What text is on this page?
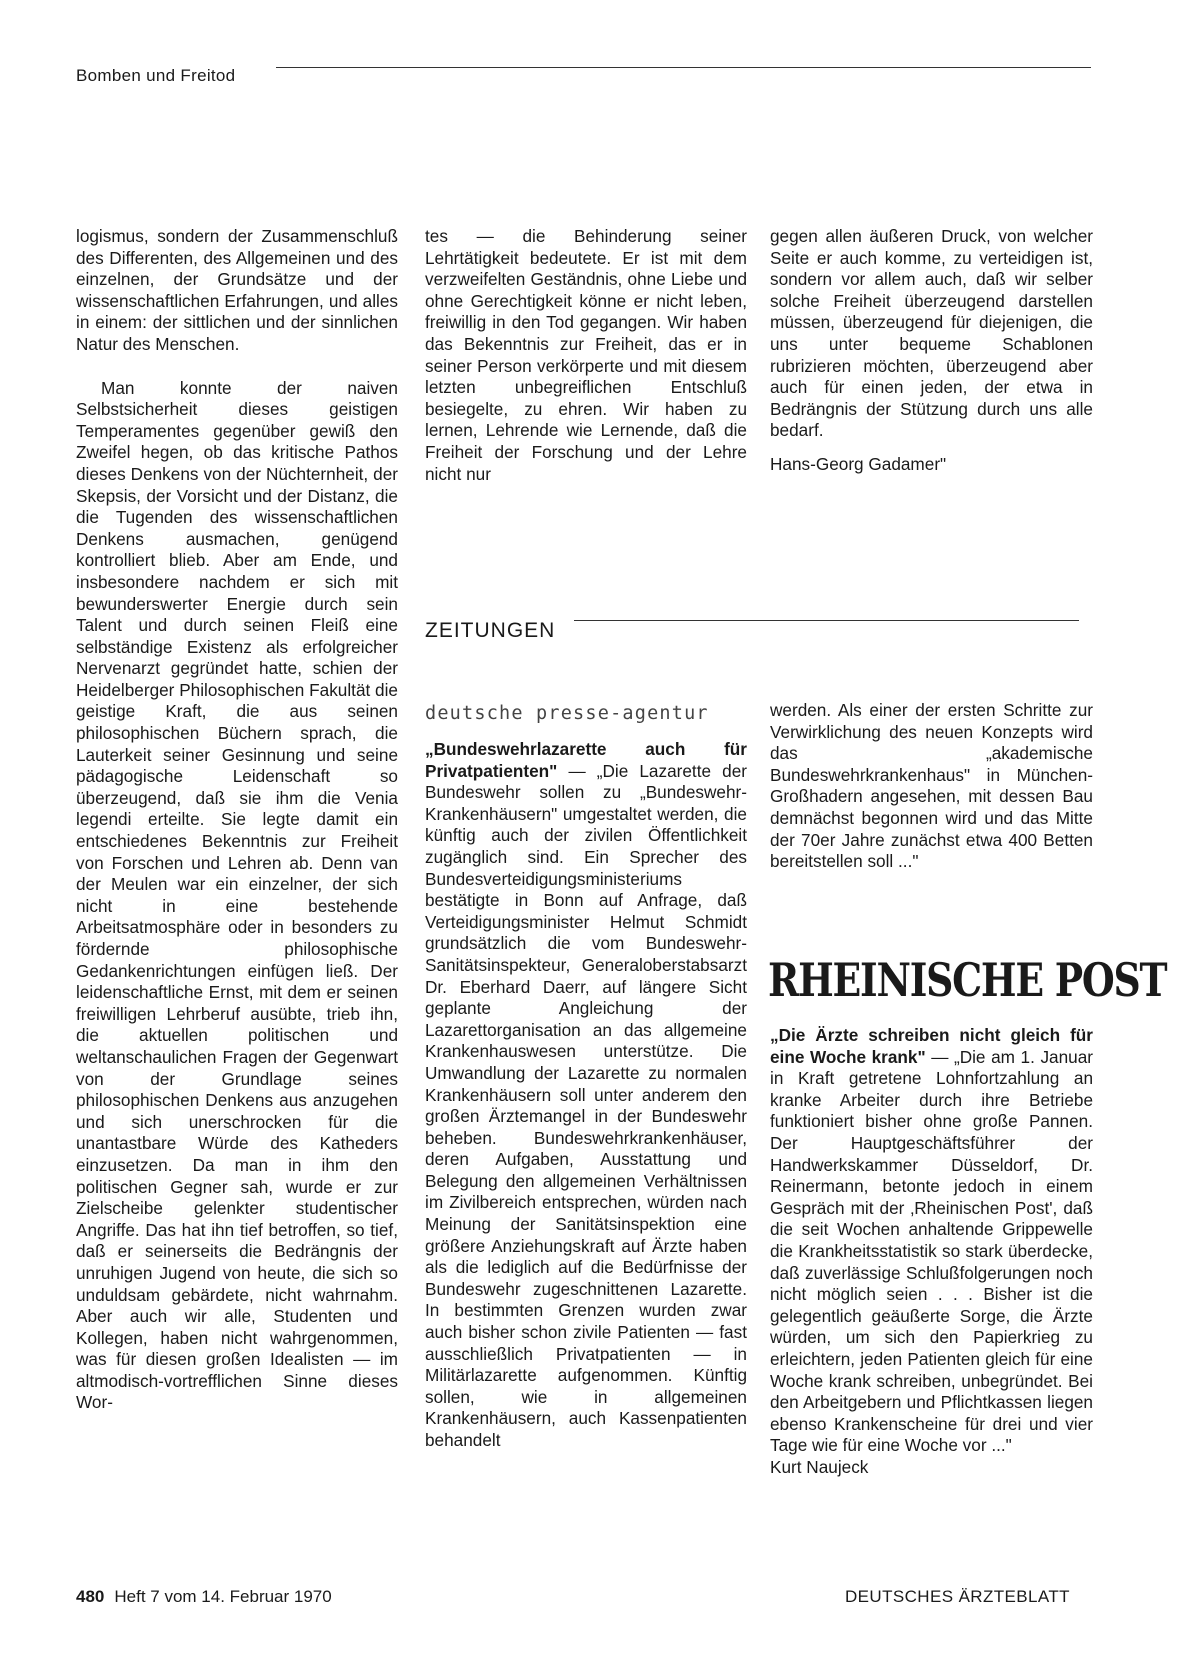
Bomben und Freitod

logismus, sondern der Zusammenschluß des Differenten, des Allgemeinen und des einzelnen, der Grundsätze und der wissenschaftlichen Erfahrungen, und alles in einem: der sittlichen und der sinnlichen Natur des Menschen.

Man konnte der naiven Selbstsicherheit dieses geistigen Temperamentes gegenüber gewiß den Zweifel hegen, ob das kritische Pathos dieses Denkens von der Nüchternheit, der Skepsis, der Vorsicht und der Distanz, die die Tugenden des wissenschaftlichen Denkens ausmachen, genügend kontrolliert blieb. Aber am Ende, und insbesondere nachdem er sich mit bewunderswerter Energie durch sein Talent und durch seinen Fleiß eine selbständige Existenz als erfolgreicher Nervenarzt gegründet hatte, schien der Heidelberger Philosophischen Fakultät die geistige Kraft, die aus seinen philosophischen Büchern sprach, die Lauterkeit seiner Gesinnung und seine pädagogische Leidenschaft so überzeugend, daß sie ihm die Venia legendi erteilte. Sie legte damit ein entschiedenes Bekenntnis zur Freiheit von Forschen und Lehren ab. Denn van der Meulen war ein einzelner, der sich nicht in eine bestehende Arbeitsatmosphäre oder in besonders zu fördernde philosophische Gedankenrichtungen einfügen ließ. Der leidenschaftliche Ernst, mit dem er seinen freiwilligen Lehrberuf ausübte, trieb ihn, die aktuellen politischen und weltanschaulichen Fragen der Gegenwart von der Grundlage seines philosophischen Denkens aus anzugehen und sich unerschrocken für die unantastbare Würde des Katheders einzusetzen. Da man in ihm den politischen Gegner sah, wurde er zur Zielscheibe gelenkter studentischer Angriffe. Das hat ihn tief betroffen, so tief, daß er seinerseits die Bedrängnis der unruhigen Jugend von heute, die sich so unduldsam gebärdete, nicht wahrnahm. Aber auch wir alle, Studenten und Kollegen, haben nicht wahrgenommen, was für diesen großen Idealisten — im altmodisch-vortrefflichen Sinne dieses Wor-

tes — die Behinderung seiner Lehrtätigkeit bedeutete. Er ist mit dem verzweifelten Geständnis, ohne Liebe und ohne Gerechtigkeit könne er nicht leben, freiwillig in den Tod gegangen. Wir haben das Bekenntnis zur Freiheit, das er in seiner Person verkörperte und mit diesem letzten unbegreiflichen Entschluß besiegelte, zu ehren. Wir haben zu lernen, Lehrende wie Lernende, daß die Freiheit der Forschung und der Lehre nicht nur

gegen allen äußeren Druck, von welcher Seite er auch komme, zu verteidigen ist, sondern vor allem auch, daß wir selber solche Freiheit überzeugend darstellen müssen, überzeugend für diejenigen, die uns unter bequeme Schablonen rubrizieren möchten, überzeugend aber auch für einen jeden, der etwa in Bedrängnis der Stützung durch uns alle bedarf.

Hans-Georg Gadamer"

ZEITUNGEN
deutsche presse-agentur

„Bundeswehrlazarette auch für Privatpatienten" — „Die Lazarette der Bundeswehr sollen zu „Bundeswehr-Krankenhäusern" umgestaltet werden, die künftig auch der zivilen Öffentlichkeit zugänglich sind. Ein Sprecher des Bundesverteidigungsministeriums bestätigte in Bonn auf Anfrage, daß Verteidigungsminister Helmut Schmidt grundsätzlich die vom Bundeswehr-Sanitätsinspekteur, Generaloberstabsarzt Dr. Eberhard Daerr, auf längere Sicht geplante Angleichung der Lazarettorganisation an das allgemeine Krankenhauswesen unterstütze. Die Umwandlung der Lazarette zu normalen Krankenhäusern soll unter anderem den großen Ärztemangel in der Bundeswehr beheben. Bundeswehrkrankenhäuser, deren Aufgaben, Ausstattung und Belegung den allgemeinen Verhältnissen im Zivilbereich entsprechen, würden nach Meinung der Sanitätsinspektion eine größere Anziehungskraft auf Ärzte haben als die lediglich auf die Bedürfnisse der Bundeswehr zugeschnittenen Lazarette. In bestimmten Grenzen wurden zwar auch bisher schon zivile Patienten — fast ausschließlich Privatpatienten — in Militärlazarette aufgenommen. Künftig sollen, wie in allgemeinen Krankenhäusern, auch Kassenpatienten behandelt

werden. Als einer der ersten Schritte zur Verwirklichung des neuen Konzepts wird das „akademische Bundeswehrkrankenhaus" in München-Großhadern angesehen, mit dessen Bau demnächst begonnen wird und das Mitte der 70er Jahre zunächst etwa 400 Betten bereitstellen soll ..."

RHEINISCHE POST

„Die Ärzte schreiben nicht gleich für eine Woche krank" — „Die am 1. Januar in Kraft getretene Lohnfortzahlung an kranke Arbeiter durch ihre Betriebe funktioniert bisher ohne große Pannen. Der Hauptgeschäftsführer der Handwerkskammer Düsseldorf, Dr. Reinermann, betonte jedoch in einem Gespräch mit der ‚Rheinischen Post', daß die seit Wochen anhaltende Grippewelle die Krankheitsstatistik so stark überdecke, daß zuverlässige Schlußfolgerungen noch nicht möglich seien . . . Bisher ist die gelegentlich geäußerte Sorge, die Ärzte würden, um sich den Papierkrieg zu erleichtern, jeden Patienten gleich für eine Woche krank schreiben, unbegründet. Bei den Arbeitgebern und Pflichtkassen liegen ebenso Krankenscheine für drei und vier Tage wie für eine Woche vor ..."

Kurt Naujeck

480 Heft 7 vom 14. Februar 1970	DEUTSCHES ÄRZTEBLATT
